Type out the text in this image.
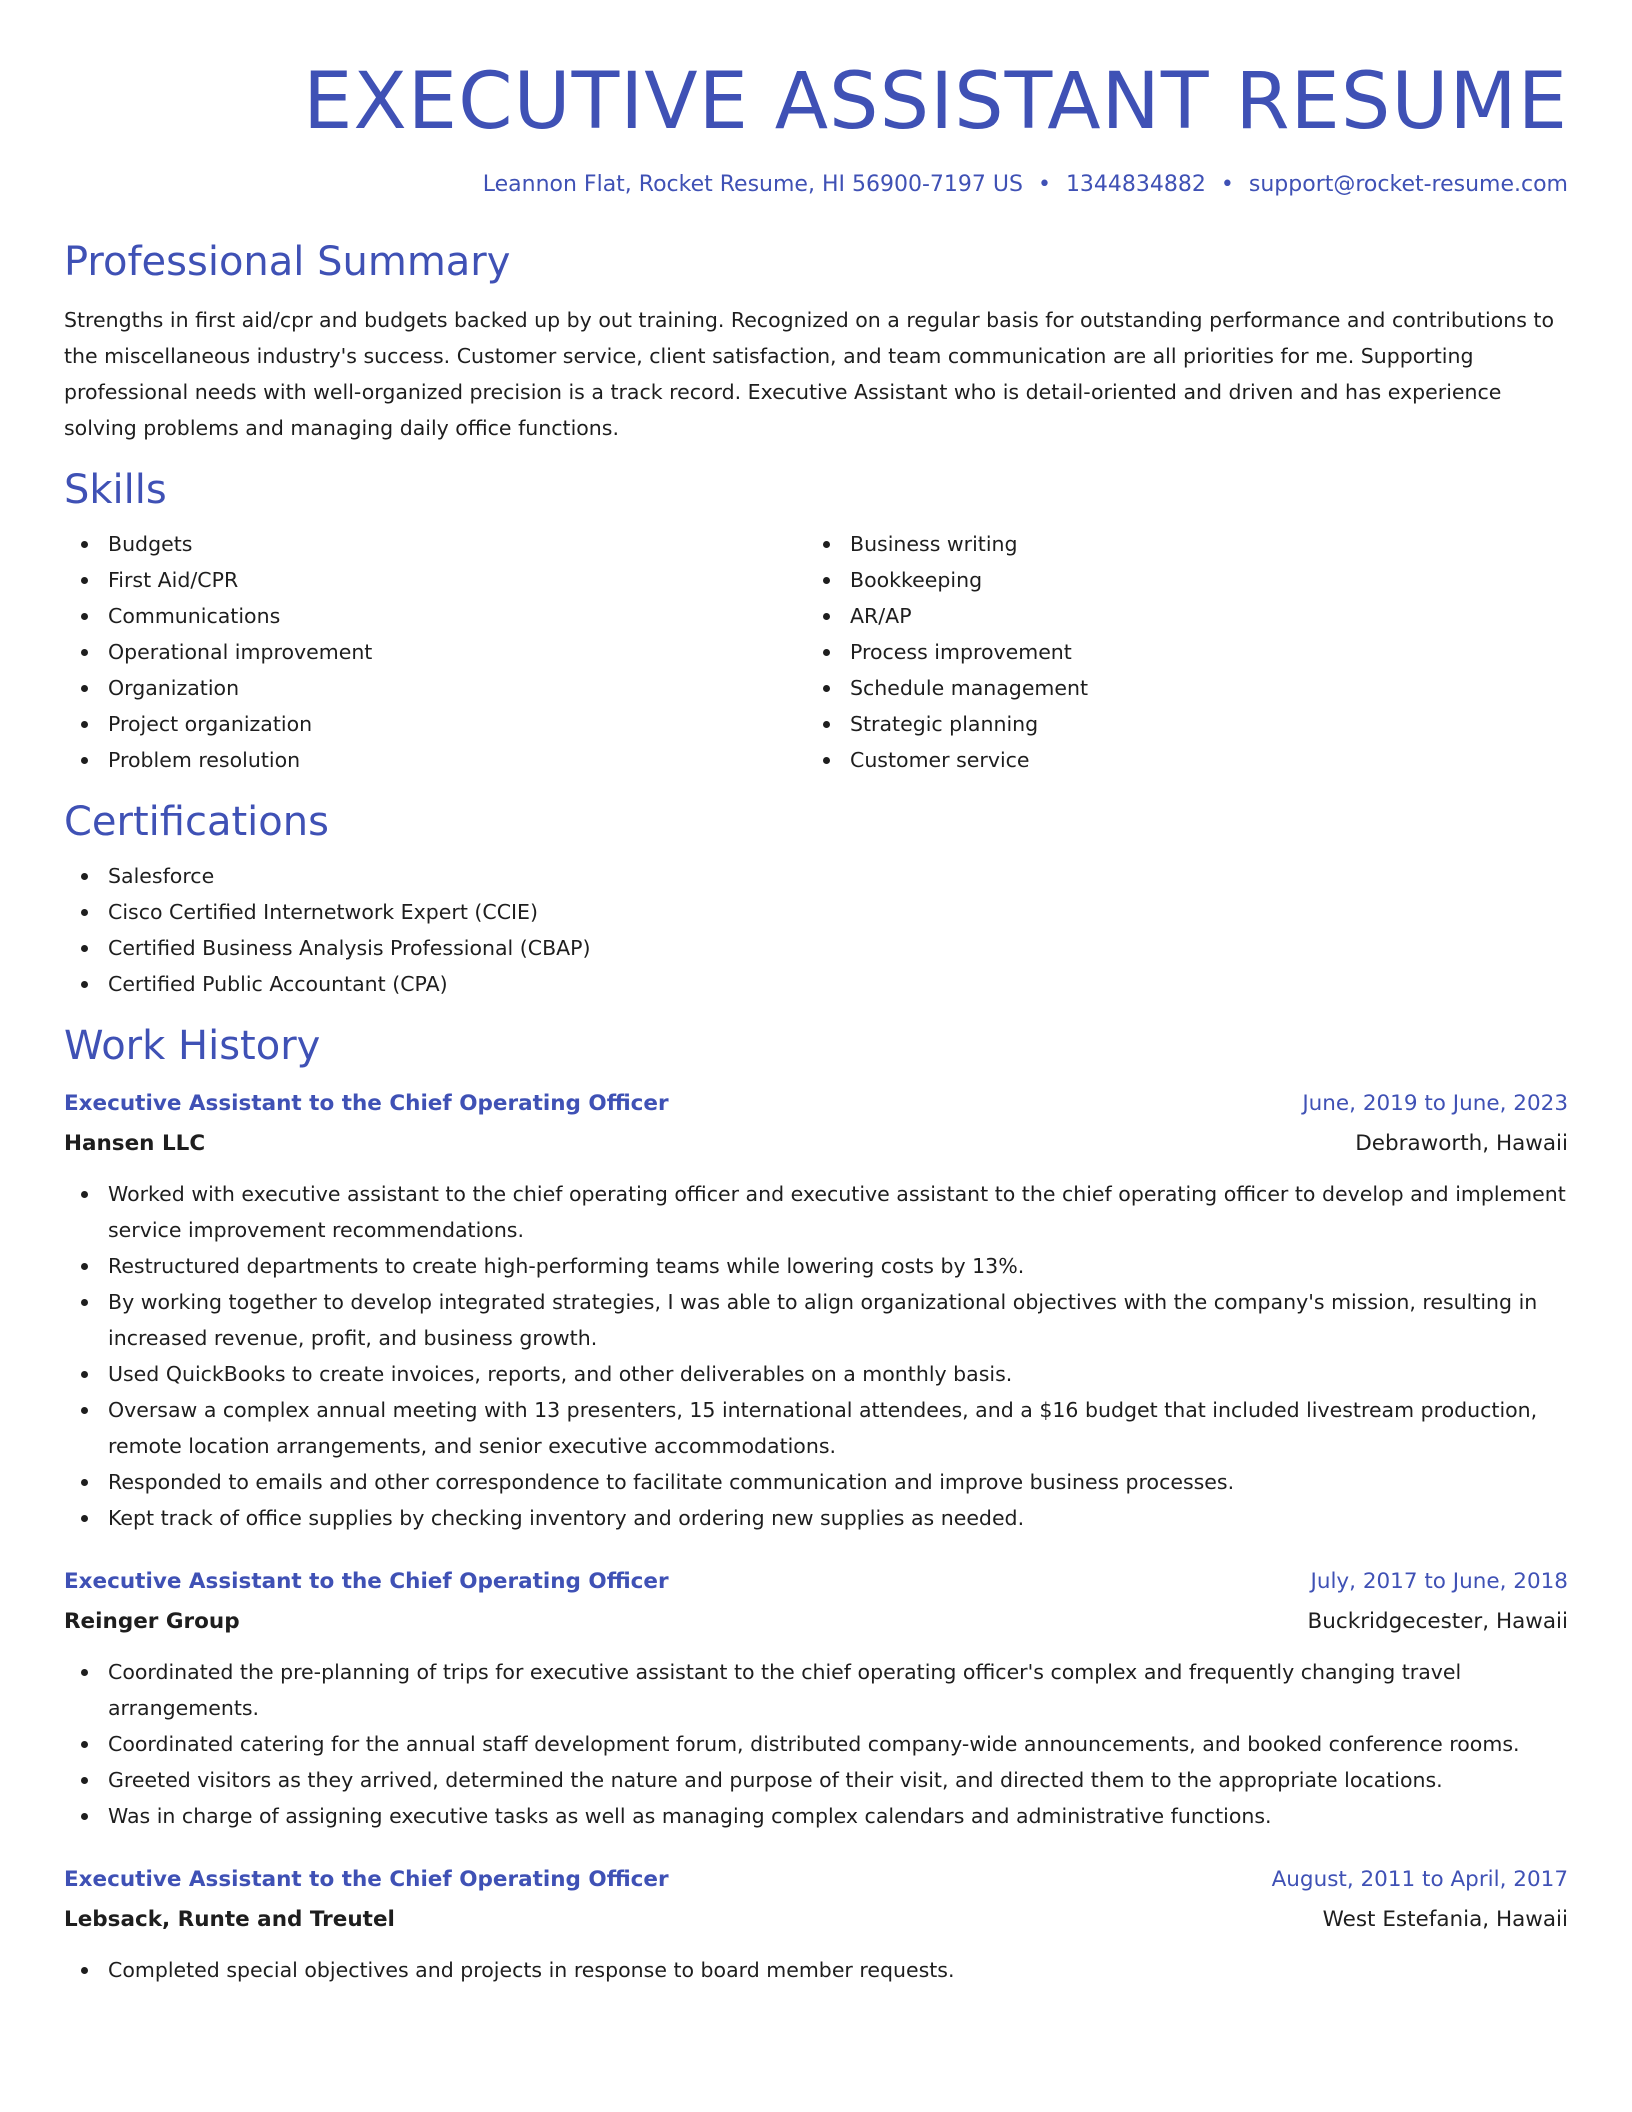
EXECUTIVE ASSISTANT RESUME
Leannon Flat, Rocket Resume, HI 56900-7197 US • 1344834882 • support@rocket-resume.com
Professional Summary

Strengths in first aid/cpr and budgets backed up by out training. Recognized on a regular basis for outstanding performance and contributions to the miscellaneous industry's success. Customer service, client satisfaction, and team communication are all priorities for me. Supporting professional needs with well-organized precision is a track record. Executive Assistant who is detail-oriented and driven and has experience solving problems and managing daily office functions.

Skills
Budgets
First Aid/CPR
Communications
Operational improvement
Organization
Project organization
Problem resolution
Business writing
Bookkeeping
AR/AP
Process improvement
Schedule management
Strategic planning
Customer service
Certifications
Salesforce
Cisco Certified Internetwork Expert (CCIE)
Certified Business Analysis Professional (CBAP)
Certified Public Accountant (CPA)
Work History
Executive Assistant to the Chief Operating Officer	June, 2019 to June, 2023
Hansen LLC	Debraworth, Hawaii
Worked with executive assistant to the chief operating officer and executive assistant to the chief operating officer to develop and implement service improvement recommendations.
Restructured departments to create high-performing teams while lowering costs by 13%.
By working together to develop integrated strategies, I was able to align organizational objectives with the company's mission, resulting in increased revenue, profit, and business growth.
Used QuickBooks to create invoices, reports, and other deliverables on a monthly basis.
Oversaw a complex annual meeting with 13 presenters, 15 international attendees, and a $16 budget that included livestream production, remote location arrangements, and senior executive accommodations.
Responded to emails and other correspondence to facilitate communication and improve business processes.
Kept track of office supplies by checking inventory and ordering new supplies as needed.
Executive Assistant to the Chief Operating Officer	July, 2017 to June, 2018
Reinger Group	Buckridgecester, Hawaii
Coordinated the pre-planning of trips for executive assistant to the chief operating officer's complex and frequently changing travel arrangements.
Coordinated catering for the annual staff development forum, distributed company-wide announcements, and booked conference rooms.
Greeted visitors as they arrived, determined the nature and purpose of their visit, and directed them to the appropriate locations.
Was in charge of assigning executive tasks as well as managing complex calendars and administrative functions.
Executive Assistant to the Chief Operating Officer	August, 2011 to April, 2017
Lebsack, Runte and Treutel	West Estefania, Hawaii
Completed special objectives and projects in response to board member requests.
